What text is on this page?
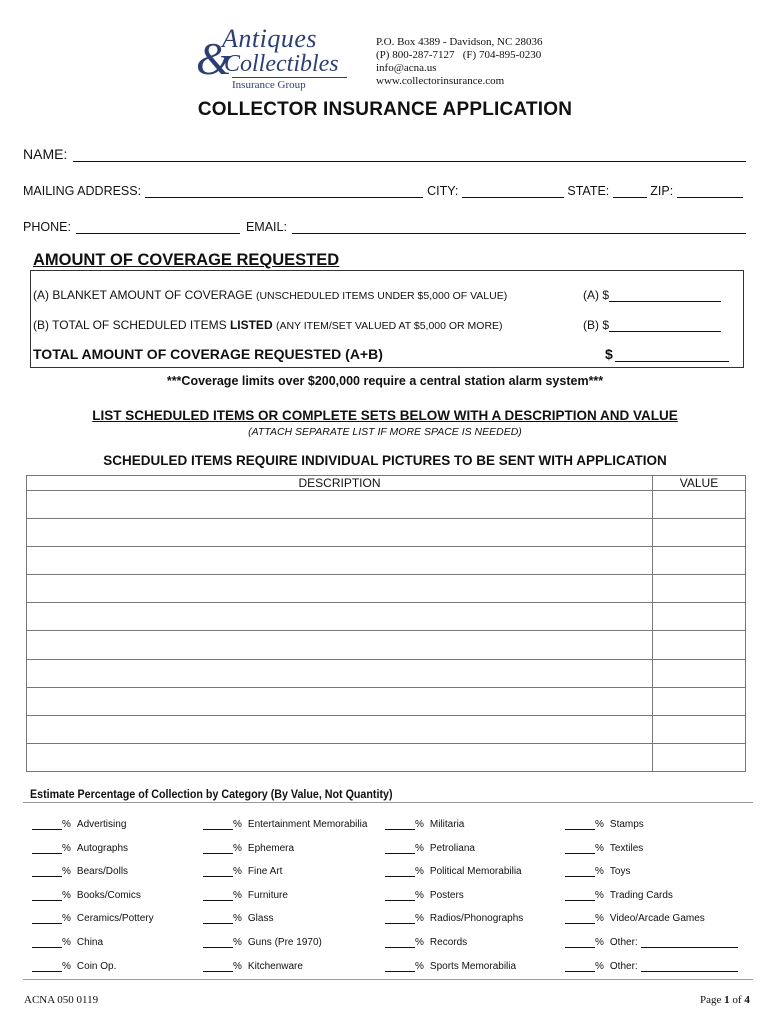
Antiques
&
Collectibles
Insurance Group
P.O. Box 4389 - Davidson, NC 28036
(P) 800-287-7127   (F) 704-895-0230
info@acna.us
www.collectorinsurance.com
COLLECTOR INSURANCE APPLICATION
NAME:
MAILING ADDRESS:	CITY:	STATE:	ZIP:
PHONE:	EMAIL:
AMOUNT OF COVERAGE REQUESTED
(A) BLANKET AMOUNT OF COVERAGE (UNSCHEDULED ITEMS UNDER $5,000 OF VALUE)	(A) $
(B) TOTAL OF SCHEDULED ITEMS LISTED (ANY ITEM/SET VALUED AT $5,000 OR MORE)	(B) $
TOTAL AMOUNT OF COVERAGE REQUESTED (A+B)	$
***Coverage limits over $200,000 require a central station alarm system***
LIST SCHEDULED ITEMS OR COMPLETE SETS BELOW WITH A DESCRIPTION AND VALUE
(ATTACH SEPARATE LIST IF MORE SPACE IS NEEDED)
SCHEDULED ITEMS REQUIRE INDIVIDUAL PICTURES TO BE SENT WITH APPLICATION
DESCRIPTION	VALUE

Estimate Percentage of Collection by Category (By Value, Not Quantity)
% Advertising	% Entertainment Memorabilia	% Militaria	% Stamps
% Autographs	% Ephemera	% Petroliana	% Textiles
% Bears/Dolls	% Fine Art	% Political Memorabilia	% Toys
% Books/Comics	% Furniture	% Posters	% Trading Cards
% Ceramics/Pottery	% Glass	% Radios/Phonographs	% Video/Arcade Games
% China	% Guns (Pre 1970)	% Records	% Other:
% Coin Op.	% Kitchenware	% Sports Memorabilia	% Other:
ACNA 050 0119	Page 1 of 4
